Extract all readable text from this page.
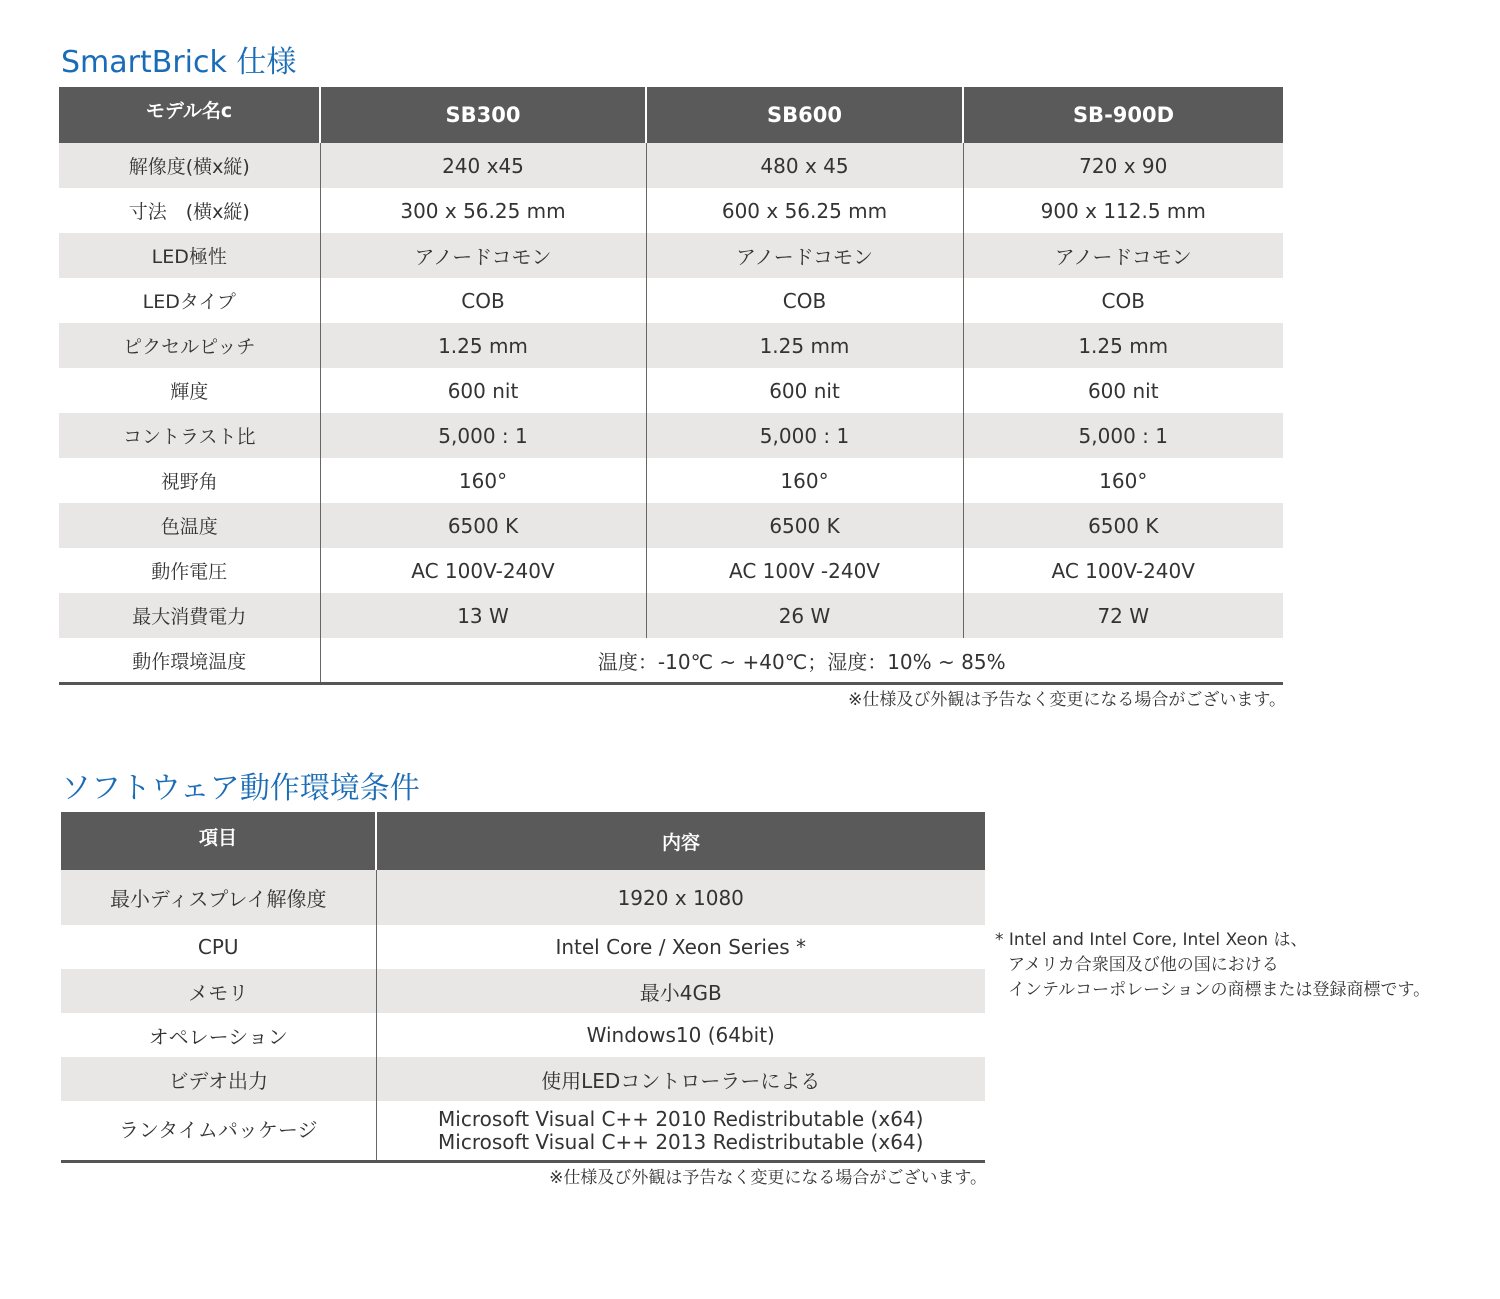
SmartBrick 仕様
モデル名c	SB300	SB600	SB-900D
解像度(横x縦)	240 x45	480 x 45	720 x 90
寸法　(横x縦)	300 x 56.25 mm	600 x 56.25 mm	900 x 112.5 mm
LED極性	アノードコモン	アノードコモン	アノードコモン
LEDタイプ	COB	COB	COB
ピクセルピッチ	1.25 mm	1.25 mm	1.25 mm
輝度	600 nit	600 nit	600 nit
コントラスト比	5,000 : 1	5,000 : 1	5,000 : 1
視野角	160°	160°	160°
色温度	6500 K	6500 K	6500 K
動作電圧	AC 100V-240V	AC 100V -240V	AC 100V-240V
最大消費電力	13 W	26 W	72 W
動作環境温度	温度：-10℃ ~ +40℃；湿度：10% ~ 85%		
※仕様及び外観は予告なく変更になる場合がございます。
ソフトウェア動作環境条件
項目	内容
最小ディスプレイ解像度	1920 x 1080
CPU	Intel Core / Xeon Series *
メモリ	最小4GB
オペレーション	Windows10 (64bit)
ビデオ出力	使用LEDコントローラーによる
ランタイムパッケージ	Microsoft Visual C++ 2010 Redistributable (x64)
Microsoft Visual C++ 2013 Redistributable (x64)
※仕様及び外観は予告なく変更になる場合がございます。
* Intel and Intel Core, Intel Xeon は、
アメリカ合衆国及び他の国における
インテルコーポレーションの商標または登録商標です。
